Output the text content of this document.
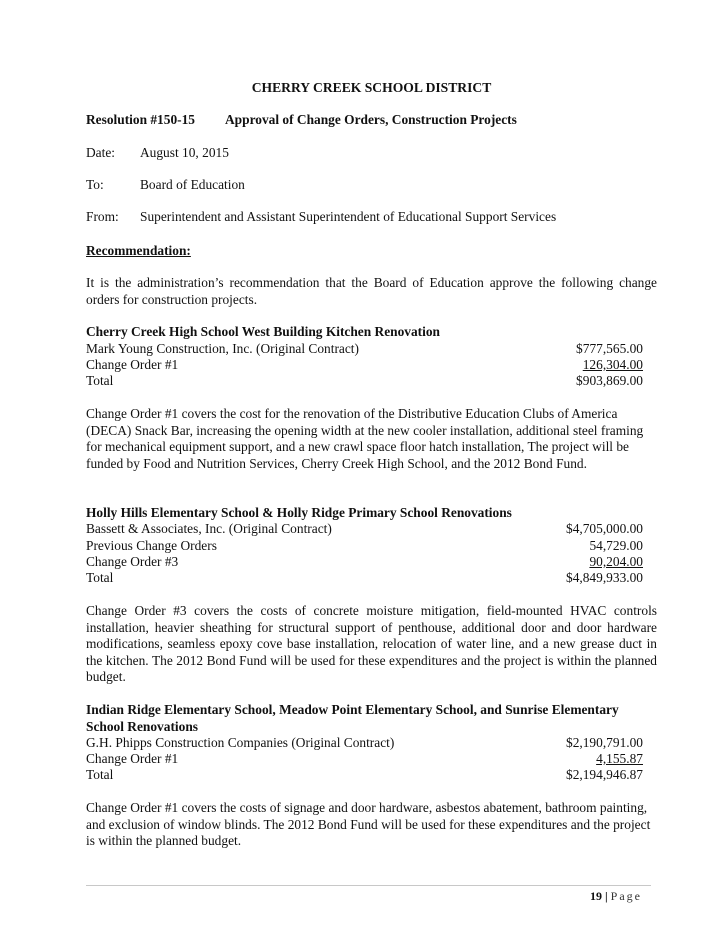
CHERRY CREEK SCHOOL DISTRICT
Resolution #150-15 Approval of Change Orders, Construction Projects
Date: August 10, 2015
To:	Board of Education
From: Superintendent and Assistant Superintendent of Educational Support Services
Recommendation:
It is the administration’s recommendation that the Board of Education approve the following change orders for construction projects.
Cherry Creek High School West Building Kitchen Renovation
Mark Young Construction, Inc. (Original Contract)	$777,565.00
Change Order #1	126,304.00
Total	$903,869.00
Change Order #1 covers the cost for the renovation of the Distributive Education Clubs of America (DECA) Snack Bar, increasing the opening width at the new cooler installation, additional steel framing for mechanical equipment support, and a new crawl space floor hatch installation, The project will be funded by Food and Nutrition Services, Cherry Creek High School, and the 2012 Bond Fund.
Holly Hills Elementary School & Holly Ridge Primary School Renovations
Bassett & Associates, Inc. (Original Contract)	$4,705,000.00
Previous Change Orders	54,729.00
Change Order #3	90,204.00
Total	$4,849,933.00
Change Order #3 covers the costs of concrete moisture mitigation, field-mounted HVAC controls installation, heavier sheathing for structural support of penthouse, additional door and door hardware modifications, seamless epoxy cove base installation, relocation of water line, and a new grease duct in the kitchen. The 2012 Bond Fund will be used for these expenditures and the project is within the planned budget.
Indian Ridge Elementary School, Meadow Point Elementary School, and Sunrise Elementary School Renovations
G.H. Phipps Construction Companies (Original Contract)	$2,190,791.00
Change Order #1	4,155.87
Total	$2,194,946.87
Change Order #1 covers the costs of signage and door hardware, asbestos abatement, bathroom painting, and exclusion of window blinds. The 2012 Bond Fund will be used for these expenditures and the project is within the planned budget.
19 | Page
